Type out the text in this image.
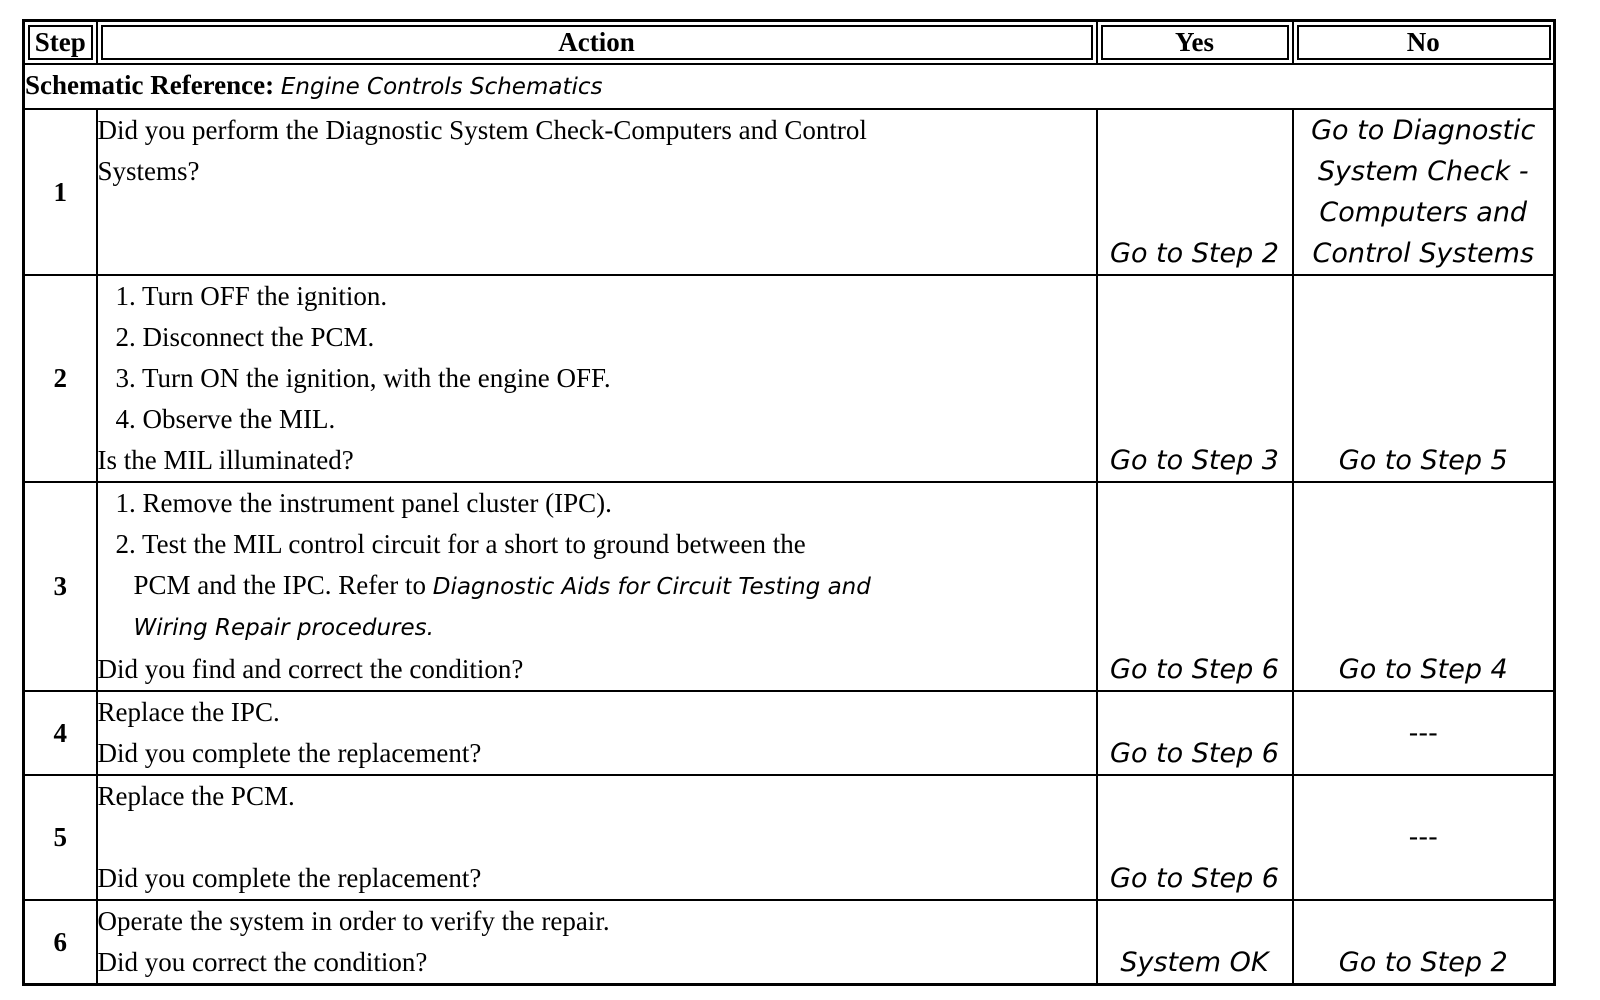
Step	Action	Yes	No
Schematic Reference: Engine Controls Schematics			
1	Did you perform the Diagnostic System Check-Computers and Control
Systems?	Go to Step 2	Go to Diagnostic
System Check -
Computers and
Control Systems

2	1. Turn OFF the ignition.
2. Disconnect the PCM.
3. Turn ON the ignition, with the engine OFF.
4. Observe the MIL.
Is the MIL illuminated?	Go to Step 3	Go to Step 5
3	1. Remove the instrument panel cluster (IPC).
2. Test the MIL control circuit for a short to ground between the
PCM and the IPC. Refer to Diagnostic Aids for Circuit Testing and
Wiring Repair procedures.
Did you find and correct the condition?	Go to Step 6	Go to Step 4
4	Replace the IPC.
Did you complete the replacement?	Go to Step 6	---
5	Replace the PCM.

Did you complete the replacement?	Go to Step 6	---
6	Operate the system in order to verify the repair.
Did you correct the condition?	System OK	Go to Step 2
